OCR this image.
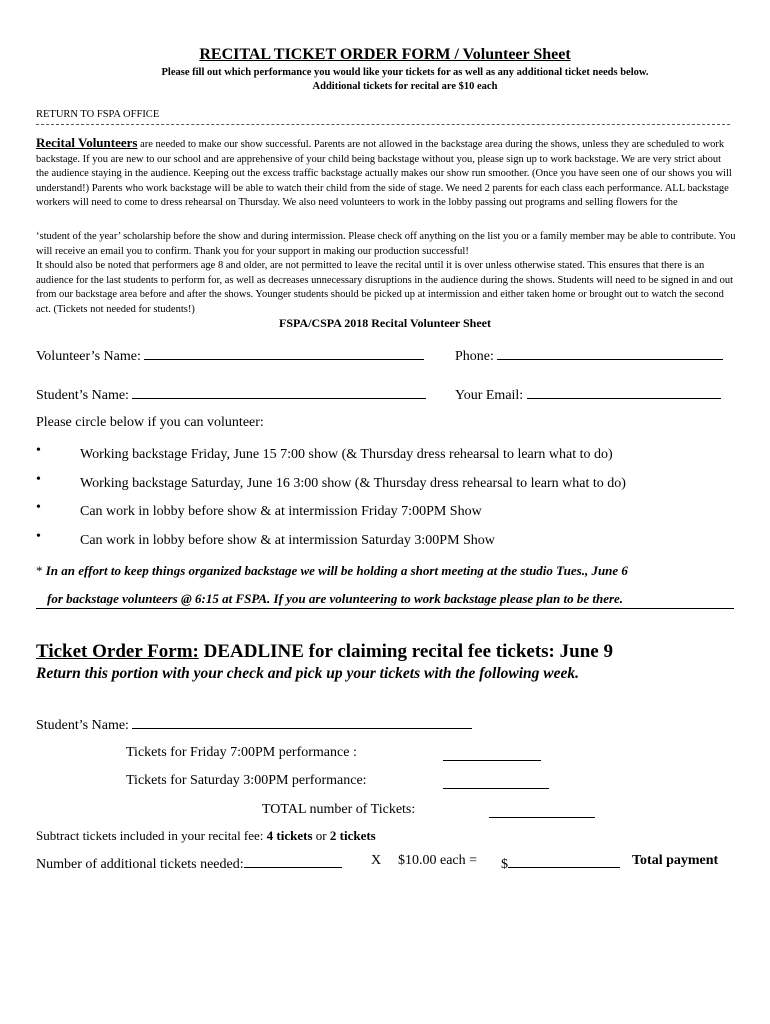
RECITAL TICKET ORDER FORM / Volunteer Sheet
Please fill out which performance you would like your tickets for as well as any additional ticket needs below.
Additional tickets for recital are $10 each
RETURN TO FSPA OFFICE

Recital Volunteers are needed to make our show successful. Parents are not allowed in the backstage area during the shows, unless they are scheduled to work backstage. If you are new to our school and are apprehensive of your child being backstage without you, please sign up to work backstage. We are very strict about the audience staying in the audience. Keeping out the excess traffic backstage actually makes our show run smoother. (Once you have seen one of our shows you will understand!) Parents who work backstage will be able to watch their child from the side of stage. We need 2 parents for each class each performance. ALL backstage workers will need to come to dress rehearsal on Thursday. We also need volunteers to work in the lobby passing out programs and selling flowers for the

‘student of the year’ scholarship before the show and during intermission. Please check off anything on the list you or a family member may be able to contribute. You will receive an email you to confirm. Thank you for your support in making our production successful!

It should also be noted that performers age 8 and older, are not permitted to leave the recital until it is over unless otherwise stated. This ensures that there is an audience for the last students to perform for, as well as decreases unnecessary disruptions in the audience during the shows. Students will need to be signed in and out from our backstage area before and after the shows. Younger students should be picked up at intermission and either taken home or brought out to watch the second act. (Tickets not needed for students!)

FSPA/CSPA 2018 Recital Volunteer Sheet
Volunteer’s Name:	Phone:
Student’s Name:	Your Email:
Please circle below if you can volunteer:
•	Working backstage Friday, June 15 7:00 show (& Thursday dress rehearsal to learn what to do)
•	Working backstage Saturday, June 16 3:00 show (& Thursday dress rehearsal to learn what to do)
•	Can work in lobby before show & at intermission Friday 7:00PM Show
•	Can work in lobby before show & at intermission Saturday 3:00PM Show
* In an effort to keep things organized backstage we will be holding a short meeting at the studio Tues., June 6
for backstage volunteers @ 6:15 at FSPA. If you are volunteering to work backstage please plan to be there.
Ticket Order Form: DEADLINE for claiming recital fee tickets: June 9
Return this portion with your check and pick up your tickets with the following week.
Student’s Name:
Tickets for Friday 7:00PM performance :
Tickets for Saturday 3:00PM performance:
TOTAL number of Tickets:
Subtract tickets included in your recital fee: 4 tickets or 2 tickets
Number of additional tickets needed:	X $10.00 each = $	Total payment
